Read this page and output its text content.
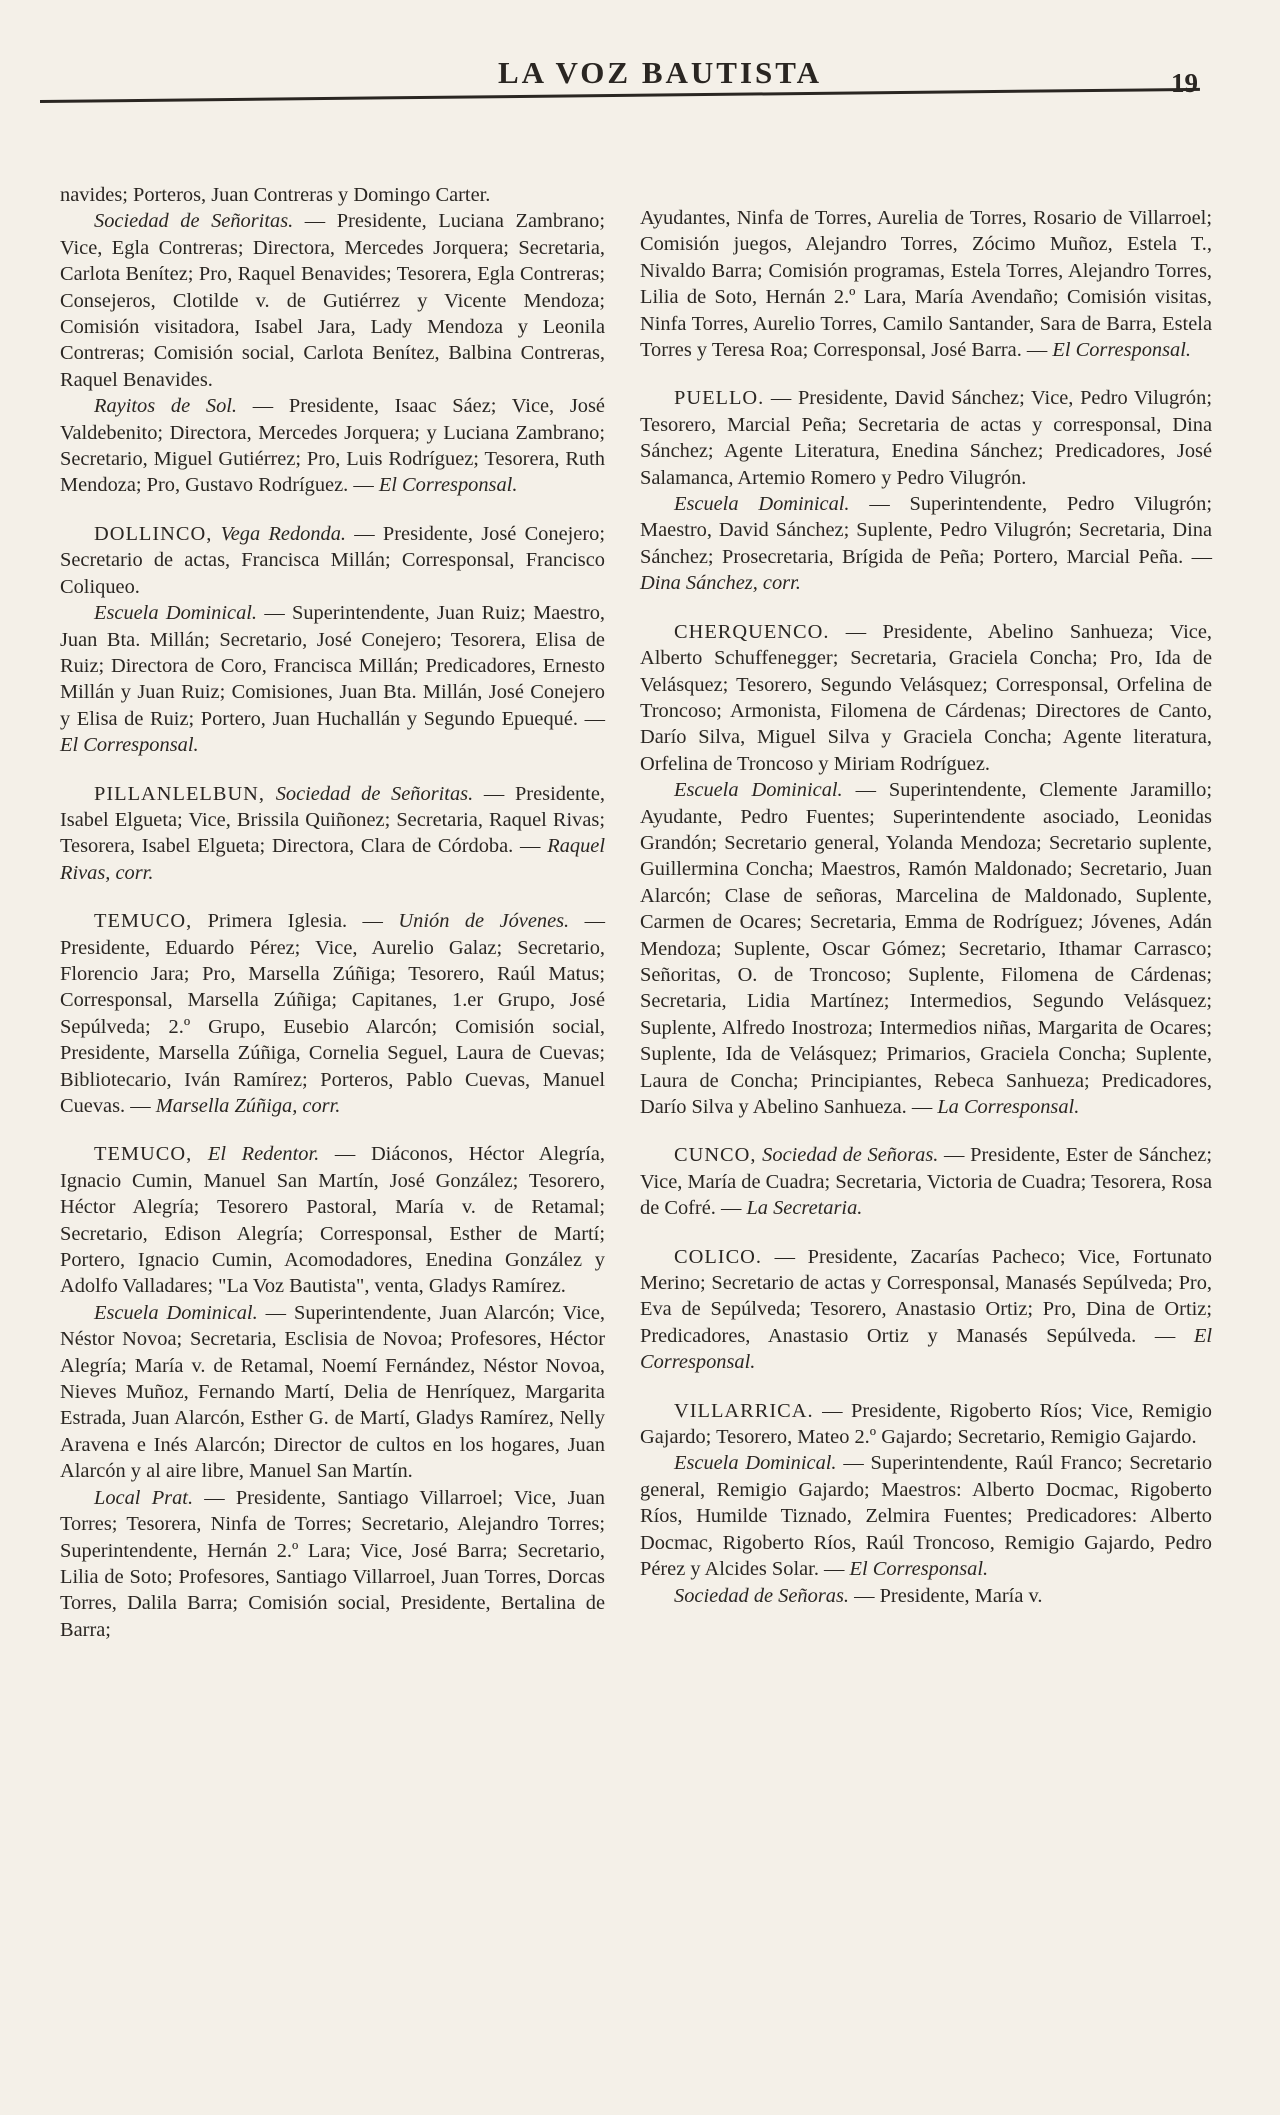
LA VOZ BAUTISTA	19

navides; Porteros, Juan Contreras y Domingo Carter.

Sociedad de Señoritas. — Presidente, Luciana Zambrano; Vice, Egla Contreras; Directora, Mercedes Jorquera; Secretaria, Carlota Benítez; Pro, Raquel Benavides; Tesorera, Egla Contreras; Consejeros, Clotilde v. de Gutiérrez y Vicente Mendoza; Comisión visitadora, Isabel Jara, Lady Mendoza y Leonila Contreras; Comisión social, Carlota Benítez, Balbina Contreras, Raquel Benavides.

Rayitos de Sol. — Presidente, Isaac Sáez; Vice, José Valdebenito; Directora, Mercedes Jorquera; y Luciana Zambrano; Secretario, Miguel Gutiérrez; Pro, Luis Rodríguez; Tesorera, Ruth Mendoza; Pro, Gustavo Rodríguez. — El Corresponsal.

DOLLINCO, Vega Redonda. — Presidente, José Conejero; Secretario de actas, Francisca Millán; Corresponsal, Francisco Coliqueo.

Escuela Dominical. — Superintendente, Juan Ruiz; Maestro, Juan Bta. Millán; Secretario, José Conejero; Tesorera, Elisa de Ruiz; Directora de Coro, Francisca Millán; Predicadores, Ernesto Millán y Juan Ruiz; Comisiones, Juan Bta. Millán, José Conejero y Elisa de Ruiz; Portero, Juan Huchallán y Segundo Epuequé. — El Corresponsal.

PILLANLELBUN, Sociedad de Señoritas. — Presidente, Isabel Elgueta; Vice, Brissila Quiñonez; Secretaria, Raquel Rivas; Tesorera, Isabel Elgueta; Directora, Clara de Córdoba. — Raquel Rivas, corr.

TEMUCO, Primera Iglesia. — Unión de Jóvenes. — Presidente, Eduardo Pérez; Vice, Aurelio Galaz; Secretario, Florencio Jara; Pro, Marsella Zúñiga; Tesorero, Raúl Matus; Corresponsal, Marsella Zúñiga; Capitanes, 1.er Grupo, José Sepúlveda; 2.º Grupo, Eusebio Alarcón; Comisión social, Presidente, Marsella Zúñiga, Cornelia Seguel, Laura de Cuevas; Bibliotecario, Iván Ramírez; Porteros, Pablo Cuevas, Manuel Cuevas. — Marsella Zúñiga, corr.

TEMUCO, El Redentor. — Diáconos, Héctor Alegría, Ignacio Cumin, Manuel San Martín, José González; Tesorero, Héctor Alegría; Tesorero Pastoral, María v. de Retamal; Secretario, Edison Alegría; Corresponsal, Esther de Martí; Portero, Ignacio Cumin, Acomodadores, Enedina González y Adolfo Valladares; "La Voz Bautista", venta, Gladys Ramírez.

Escuela Dominical. — Superintendente, Juan Alarcón; Vice, Néstor Novoa; Secretaria, Esclisia de Novoa; Profesores, Héctor Alegría; María v. de Retamal, Noemí Fernández, Néstor Novoa, Nieves Muñoz, Fernando Martí, Delia de Henríquez, Margarita Estrada, Juan Alarcón, Esther G. de Martí, Gladys Ramírez, Nelly Aravena e Inés Alarcón; Director de cultos en los hogares, Juan Alarcón y al aire libre, Manuel San Martín.

Local Prat. — Presidente, Santiago Villarroel; Vice, Juan Torres; Tesorera, Ninfa de Torres; Secretario, Alejandro Torres; Superintendente, Hernán 2.º Lara; Vice, José Barra; Secretario, Lilia de Soto; Profesores, Santiago Villarroel, Juan Torres, Dorcas Torres, Dalila Barra; Comisión social, Presidente, Bertalina de Barra;

Ayudantes, Ninfa de Torres, Aurelia de Torres, Rosario de Villarroel; Comisión juegos, Alejandro Torres, Zócimo Muñoz, Estela T., Nivaldo Barra; Comisión programas, Estela Torres, Alejandro Torres, Lilia de Soto, Hernán 2.º Lara, María Avendaño; Comisión visitas, Ninfa Torres, Aurelio Torres, Camilo Santander, Sara de Barra, Estela Torres y Teresa Roa; Corresponsal, José Barra. — El Corresponsal.

PUELLO. — Presidente, David Sánchez; Vice, Pedro Vilugrón; Tesorero, Marcial Peña; Secretaria de actas y corresponsal, Dina Sánchez; Agente Literatura, Enedina Sánchez; Predicadores, José Salamanca, Artemio Romero y Pedro Vilugrón.

Escuela Dominical. — Superintendente, Pedro Vilugrón; Maestro, David Sánchez; Suplente, Pedro Vilugrón; Secretaria, Dina Sánchez; Prosecretaria, Brígida de Peña; Portero, Marcial Peña. — Dina Sánchez, corr.

CHERQUENCO. — Presidente, Abelino Sanhueza; Vice, Alberto Schuffenegger; Secretaria, Graciela Concha; Pro, Ida de Velásquez; Tesorero, Segundo Velásquez; Corresponsal, Orfelina de Troncoso; Armonista, Filomena de Cárdenas; Directores de Canto, Darío Silva, Miguel Silva y Graciela Concha; Agente literatura, Orfelina de Troncoso y Miriam Rodríguez.

Escuela Dominical. — Superintendente, Clemente Jaramillo; Ayudante, Pedro Fuentes; Superintendente asociado, Leonidas Grandón; Secretario general, Yolanda Mendoza; Secretario suplente, Guillermina Concha; Maestros, Ramón Maldonado; Secretario, Juan Alarcón; Clase de señoras, Marcelina de Maldonado, Suplente, Carmen de Ocares; Secretaria, Emma de Rodríguez; Jóvenes, Adán Mendoza; Suplente, Oscar Gómez; Secretario, Ithamar Carrasco; Señoritas, O. de Troncoso; Suplente, Filomena de Cárdenas; Secretaria, Lidia Martínez; Intermedios, Segundo Velásquez; Suplente, Alfredo Inostroza; Intermedios niñas, Margarita de Ocares; Suplente, Ida de Velásquez; Primarios, Graciela Concha; Suplente, Laura de Concha; Principiantes, Rebeca Sanhueza; Predicadores, Darío Silva y Abelino Sanhueza. — La Corresponsal.

CUNCO, Sociedad de Señoras. — Presidente, Ester de Sánchez; Vice, María de Cuadra; Secretaria, Victoria de Cuadra; Tesorera, Rosa de Cofré. — La Secretaria.

COLICO. — Presidente, Zacarías Pacheco; Vice, Fortunato Merino; Secretario de actas y Corresponsal, Manasés Sepúlveda; Pro, Eva de Sepúlveda; Tesorero, Anastasio Ortiz; Pro, Dina de Ortiz; Predicadores, Anastasio Ortiz y Manasés Sepúlveda. — El Corresponsal.

VILLARRICA. — Presidente, Rigoberto Ríos; Vice, Remigio Gajardo; Tesorero, Mateo 2.º Gajardo; Secretario, Remigio Gajardo.

Escuela Dominical. — Superintendente, Raúl Franco; Secretario general, Remigio Gajardo; Maestros: Alberto Docmac, Rigoberto Ríos, Humilde Tiznado, Zelmira Fuentes; Predicadores: Alberto Docmac, Rigoberto Ríos, Raúl Troncoso, Remigio Gajardo, Pedro Pérez y Alcides Solar. — El Corresponsal.

Sociedad de Señoras. — Presidente, María v.
